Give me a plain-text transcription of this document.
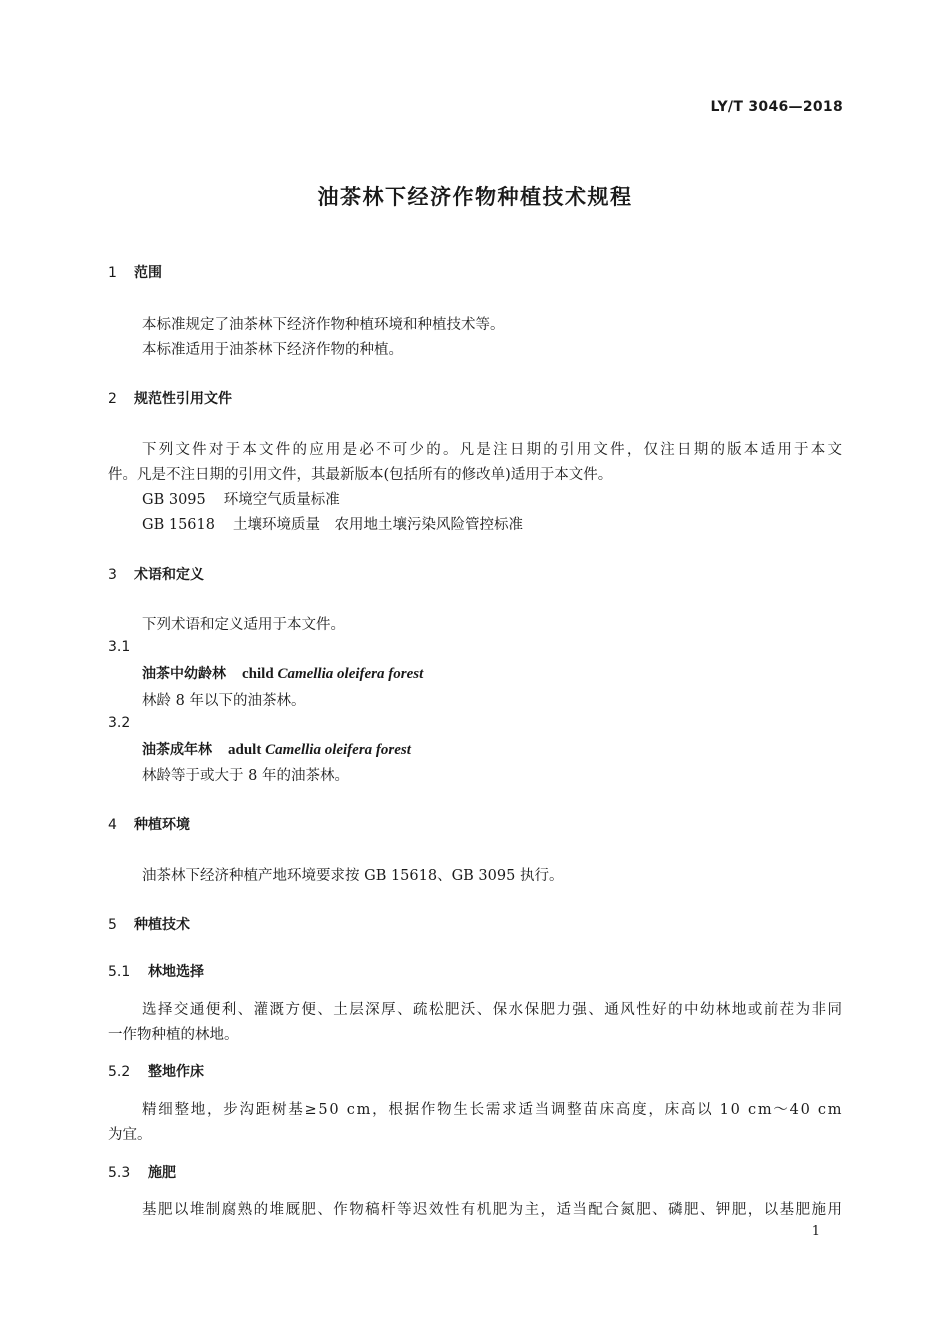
LY/T 3046—2018
油茶林下经济作物种植技术规程
1 范围
本标准规定了油茶林下经济作物种植环境和种植技术等。
本标准适用于油茶林下经济作物的种植。
2 规范性引用文件
下列文件对于本文件的应用是必不可少的。凡是注日期的引用文件，仅注日期的版本适用于本文
件。凡是不注日期的引用文件，其最新版本(包括所有的修改单)适用于本文件。
GB 3095 环境空气质量标准
GB 15618 土壤环境质量　农用地土壤污染风险管控标准
3 术语和定义
下列术语和定义适用于本文件。
3.1
油茶中幼龄林 child Camellia oleifera forest
林龄 8 年以下的油茶林。
3.2
油茶成年林 adult Camellia oleifera forest
林龄等于或大于 8 年的油茶林。
4 种植环境
油茶林下经济种植产地环境要求按 GB 15618、GB 3095 执行。
5 种植技术
5.1 林地选择
选择交通便利、灌溉方便、土层深厚、疏松肥沃、保水保肥力强、通风性好的中幼林地或前茬为非同
一作物种植的林地。
5.2 整地作床
精细整地，步沟距树基≥50 cm，根据作物生长需求适当调整苗床高度，床高以 10 cm～40 cm
为宜。
5.3 施肥
基肥以堆制腐熟的堆厩肥、作物稿杆等迟效性有机肥为主，适当配合氮肥、磷肥、钾肥，以基肥施用
1
